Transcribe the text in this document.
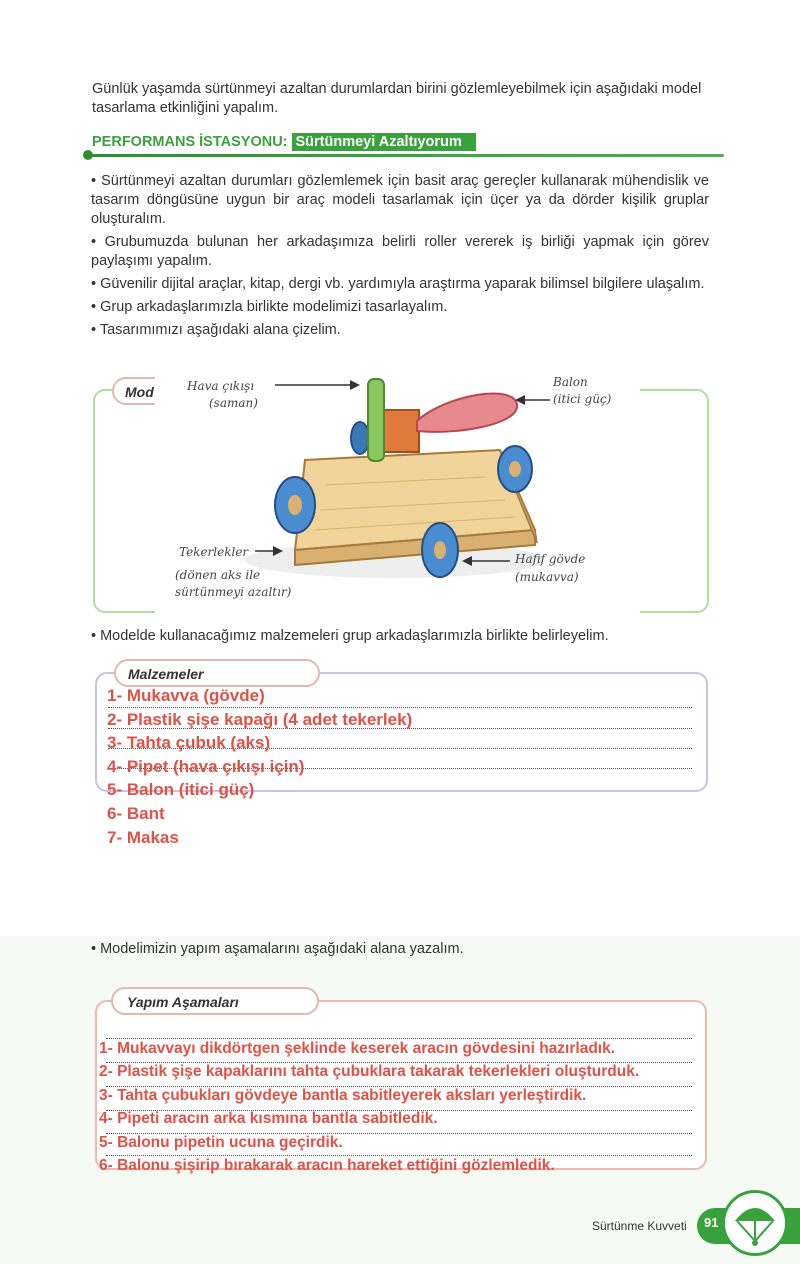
Günlük yaşamda sürtünmeyi azaltan durumlardan birini gözlemleyebilmek için aşağıdaki model tasarlama etkinliğini yapalım.

PERFORMANS İSTASYONU: Sürtünmeyi Azaltıyorum

• Sürtünmeyi azaltan durumları gözlemlemek için basit araç gereçler kullanarak mühendislik ve tasarım döngüsüne uygun bir araç modeli tasarlamak için üçer ya da dörder kişilik gruplar oluşturalım.

• Grubumuzda bulunan her arkadaşımıza belirli roller vererek iş birliği yapmak için görev paylaşımı yapalım.

• Güvenilir dijital araçlar, kitap, dergi vb. yardımıyla araştırma yaparak bilimsel bilgilere ulaşalım.

• Grup arkadaşlarımızla birlikte modelimizi tasarlayalım.

• Tasarımımızı aşağıdaki alana çizelim.

Mod	Hava çıkışı
(saman)
Balon
(itici güç)
Tekerlekler
(dönen aks ile
sürtünmeyi azaltır)
Hafif gövde
(mukavva)

• Modelde kullanacağımız malzemeleri grup arkadaşlarımızla birlikte belirleyelim.

Malzemeler
1- Mukavva (gövde)
2- Plastik şişe kapağı (4 adet tekerlek)
3- Tahta çubuk (aks)
4- Pipet (hava çıkışı için)
5- Balon (itici güç)
6- Bant
7- Makas

• Modelimizin yapım aşamalarını aşağıdaki alana yazalım.

Yapım Aşamaları
1- Mukavvayı dikdörtgen şeklinde keserek aracın gövdesini hazırladık.
2- Plastik şişe kapaklarını tahta çubuklara takarak tekerlekleri oluşturduk.
3- Tahta çubukları gövdeye bantla sabitleyerek aksları yerleştirdik.
4- Pipeti aracın arka kısmına bantla sabitledik.
5- Balonu pipetin ucuna geçirdik.
6- Balonu şişirip bırakarak aracın hareket ettiğini gözlemledik.
Sürtünme Kuvveti 91
